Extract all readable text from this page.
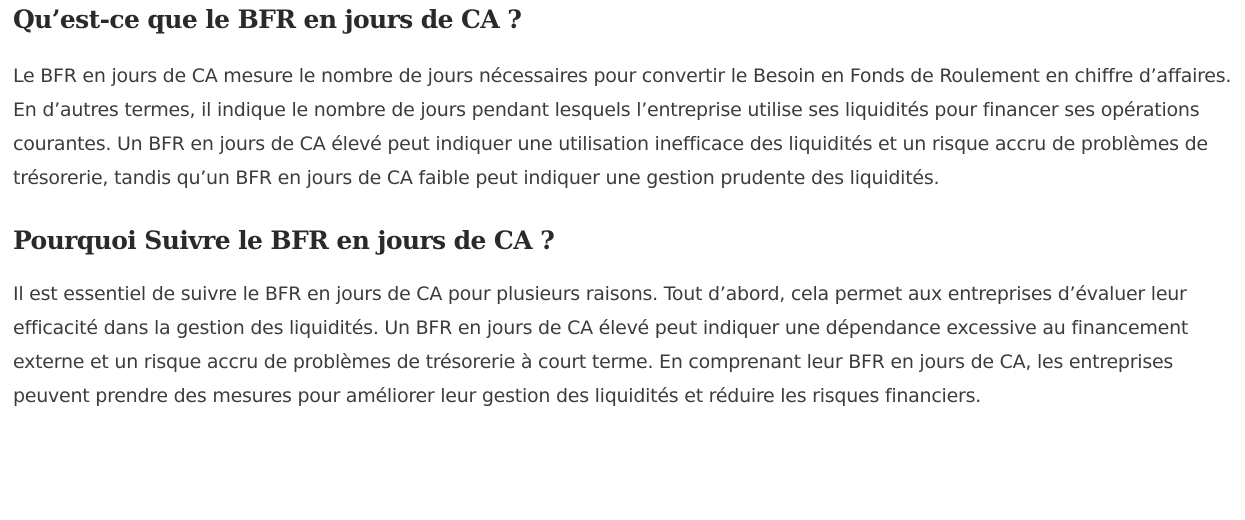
Qu’est-ce que le BFR en jours de CA ?

Le BFR en jours de CA mesure le nombre de jours nécessaires pour convertir le Besoin en Fonds de Roulement en chiffre d’affaires. En d’autres termes, il indique le nombre de jours pendant lesquels l’entreprise utilise ses liquidités pour financer ses opérations courantes. Un BFR en jours de CA élevé peut indiquer une utilisation inefficace des liquidités et un risque accru de problèmes de trésorerie, tandis qu’un BFR en jours de CA faible peut indiquer une gestion prudente des liquidités.

Pourquoi Suivre le BFR en jours de CA ?

Il est essentiel de suivre le BFR en jours de CA pour plusieurs raisons. Tout d’abord, cela permet aux entreprises d’évaluer leur efficacité dans la gestion des liquidités. Un BFR en jours de CA élevé peut indiquer une dépendance excessive au financement externe et un risque accru de problèmes de trésorerie à court terme. En comprenant leur BFR en jours de CA, les entreprises peuvent prendre des mesures pour améliorer leur gestion des liquidités et réduire les risques financiers.
